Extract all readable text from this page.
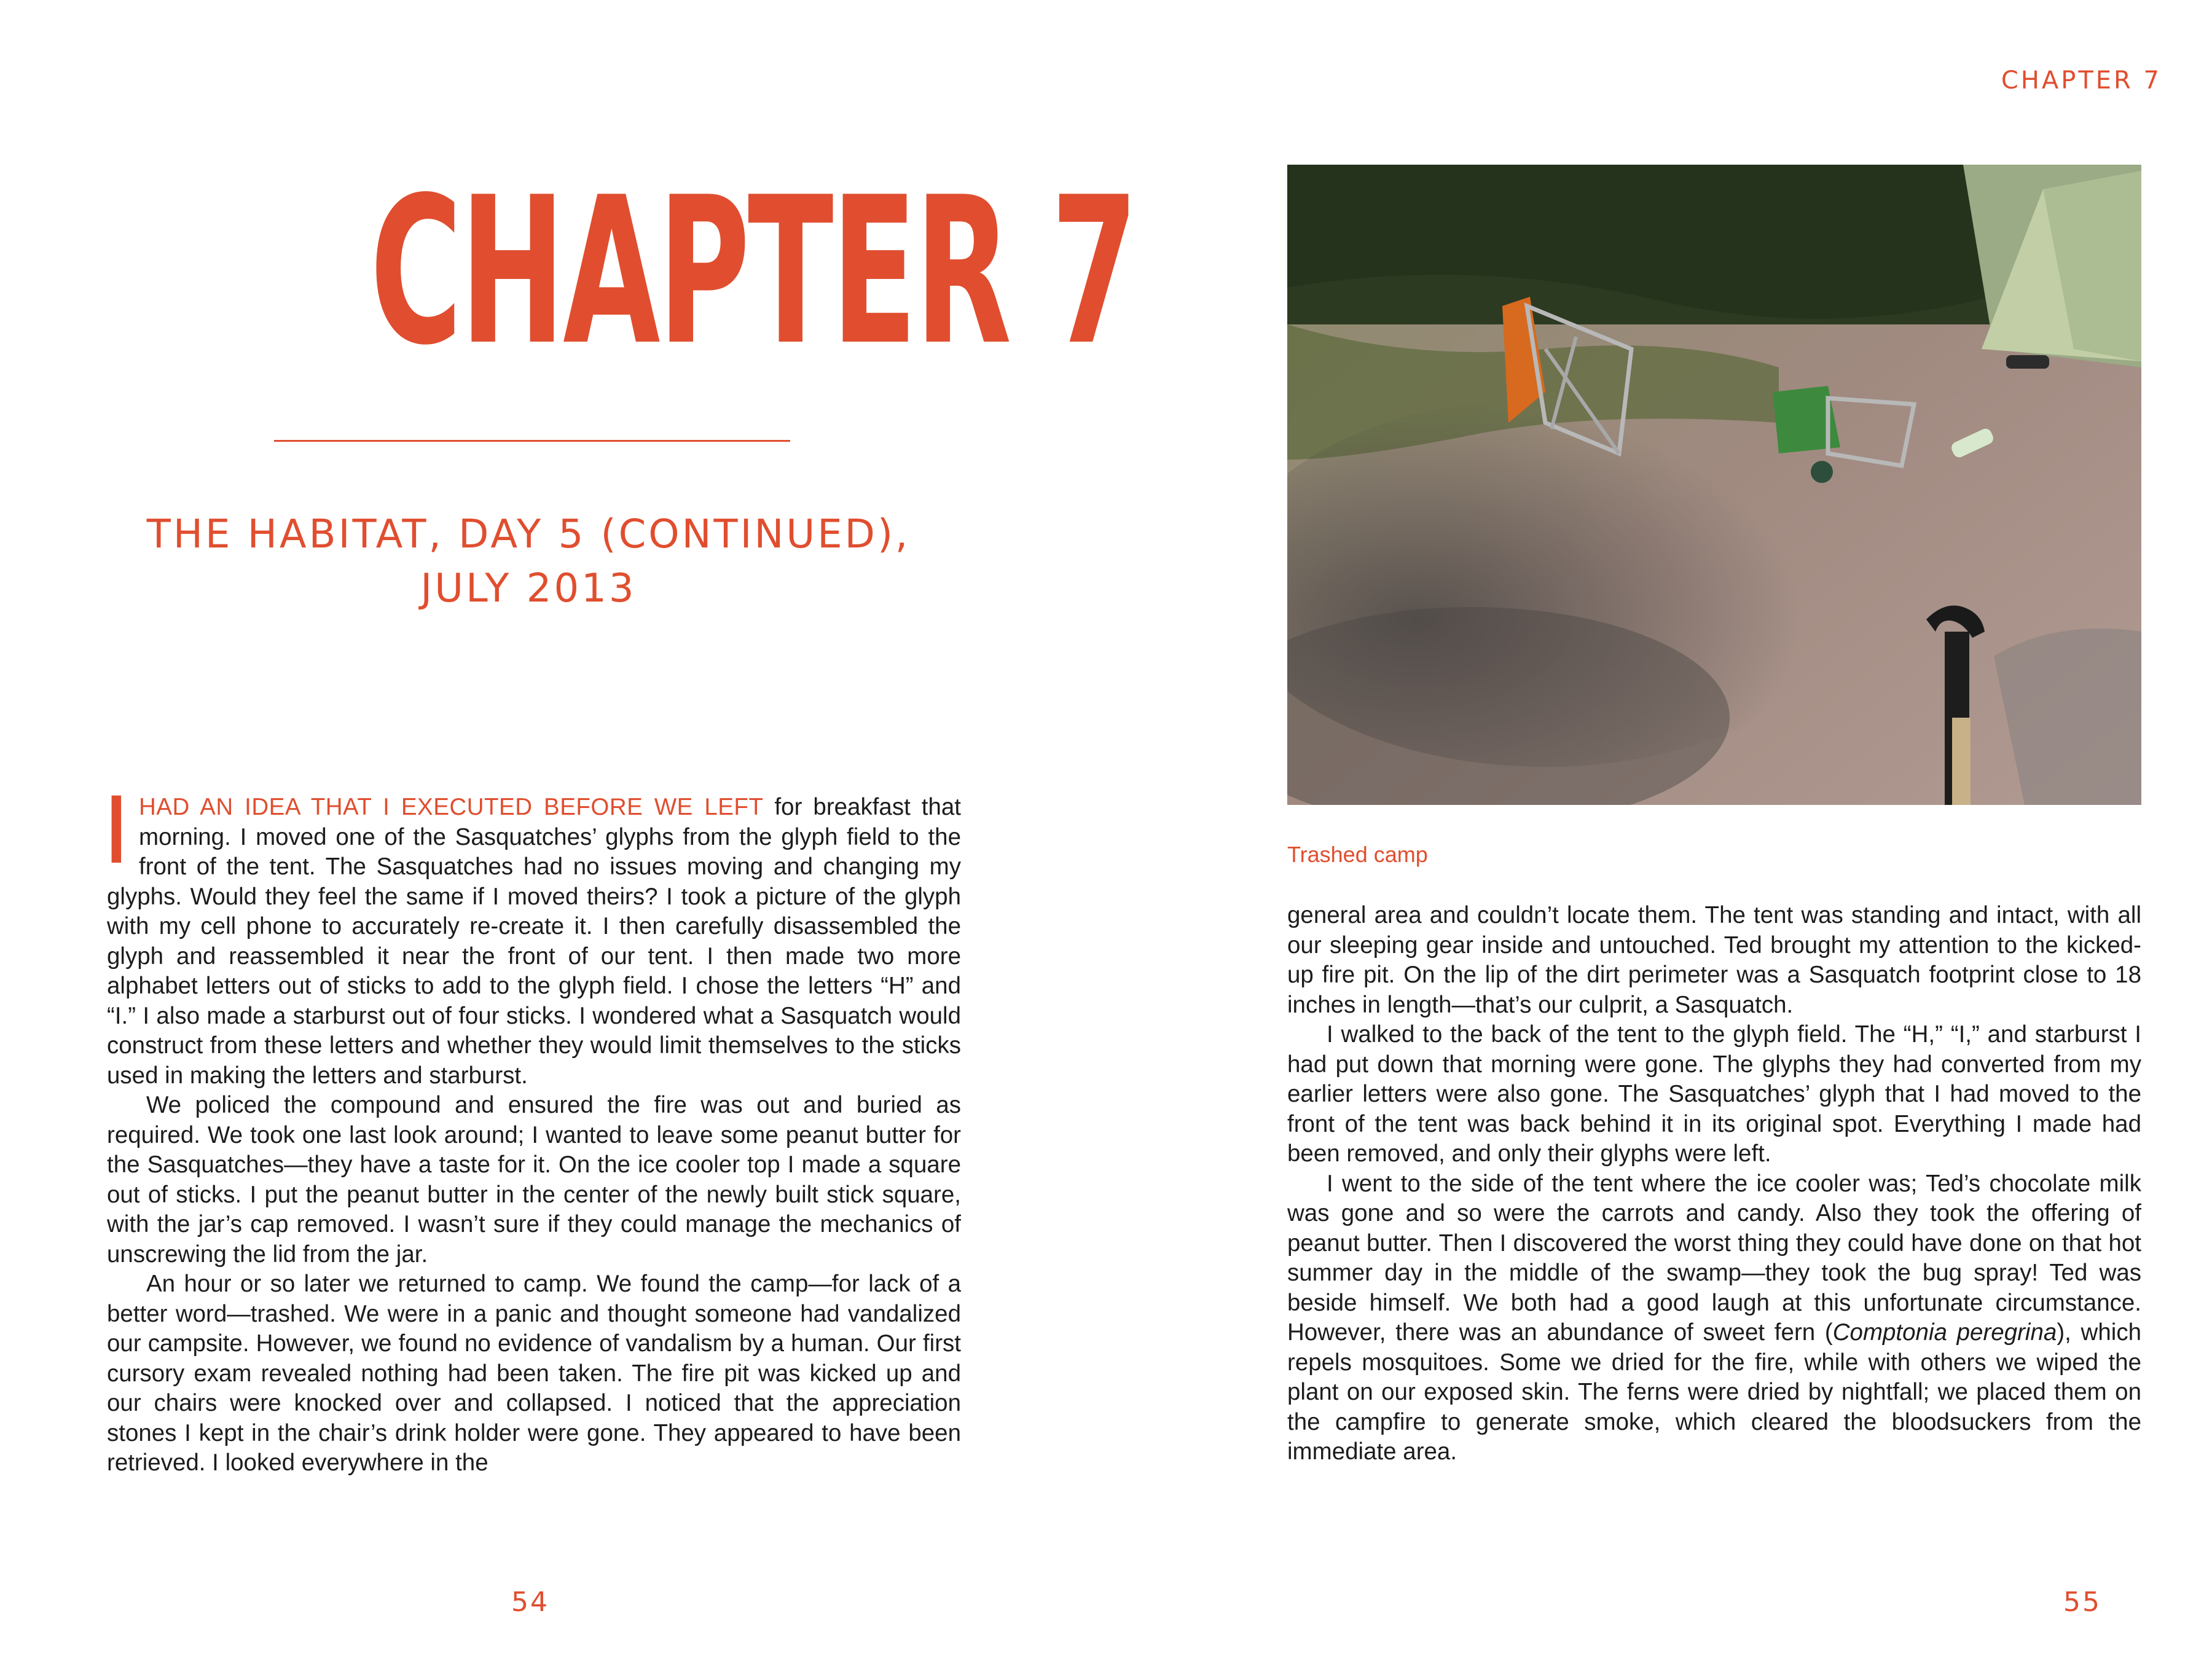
CHAPTER 7
THE HABITAT, DAY 5 (CONTINUED),
JULY 2013

IHAD AN IDEA THAT I EXECUTED BEFORE WE LEFT for breakfast that morning. I moved one of the Sasquatches’ glyphs from the glyph field to the front of the tent. The Sasquatches had no issues moving and changing my glyphs. Would they feel the same if I moved theirs? I took a picture of the glyph with my cell phone to accurately re-create it. I then carefully disassembled the glyph and reassembled it near the front of our tent. I then made two more alphabet letters out of sticks to add to the glyph field. I chose the letters “H” and “I.” I also made a starburst out of four sticks. I wondered what a Sasquatch would construct from these letters and whether they would limit themselves to the sticks used in making the letters and starburst.

We policed the compound and ensured the fire was out and buried as required. We took one last look around; I wanted to leave some peanut butter for the Sasquatches—they have a taste for it. On the ice cooler top I made a square out of sticks. I put the peanut butter in the center of the newly built stick square, with the jar’s cap removed. I wasn’t sure if they could manage the mechanics of unscrewing the lid from the jar.

An hour or so later we returned to camp. We found the camp—for lack of a better word—trashed. We were in a panic and thought someone had vandalized our campsite. However, we found no evidence of vandalism by a human. Our first cursory exam revealed nothing had been taken. The fire pit was kicked up and our chairs were knocked over and collapsed. I noticed that the appreciation stones I kept in the chair’s drink holder were gone. They appeared to have been retrieved. I looked everywhere in the

54
CHAPTER 7
55
Trashed camp

general area and couldn’t locate them. The tent was standing and intact, with all our sleeping gear inside and untouched. Ted brought my attention to the kicked-up fire pit. On the lip of the dirt perimeter was a Sasquatch footprint close to 18 inches in length—that’s our culprit, a Sasquatch.

I walked to the back of the tent to the glyph field. The “H,” “I,” and starburst I had put down that morning were gone. The glyphs they had converted from my earlier letters were also gone. The Sasquatches’ glyph that I had moved to the front of the tent was back behind it in its original spot. Everything I made had been removed, and only their glyphs were left.

I went to the side of the tent where the ice cooler was; Ted’s chocolate milk was gone and so were the carrots and candy. Also they took the offering of peanut butter. Then I discovered the worst thing they could have done on that hot summer day in the middle of the swamp—they took the bug spray! Ted was beside himself. We both had a good laugh at this unfortunate circumstance. However, there was an abundance of sweet fern (Comptonia peregrina), which repels mosquitoes. Some we dried for the fire, while with others we wiped the plant on our exposed skin. The ferns were dried by nightfall; we placed them on the campfire to generate smoke, which cleared the bloodsuckers from the immediate area.
